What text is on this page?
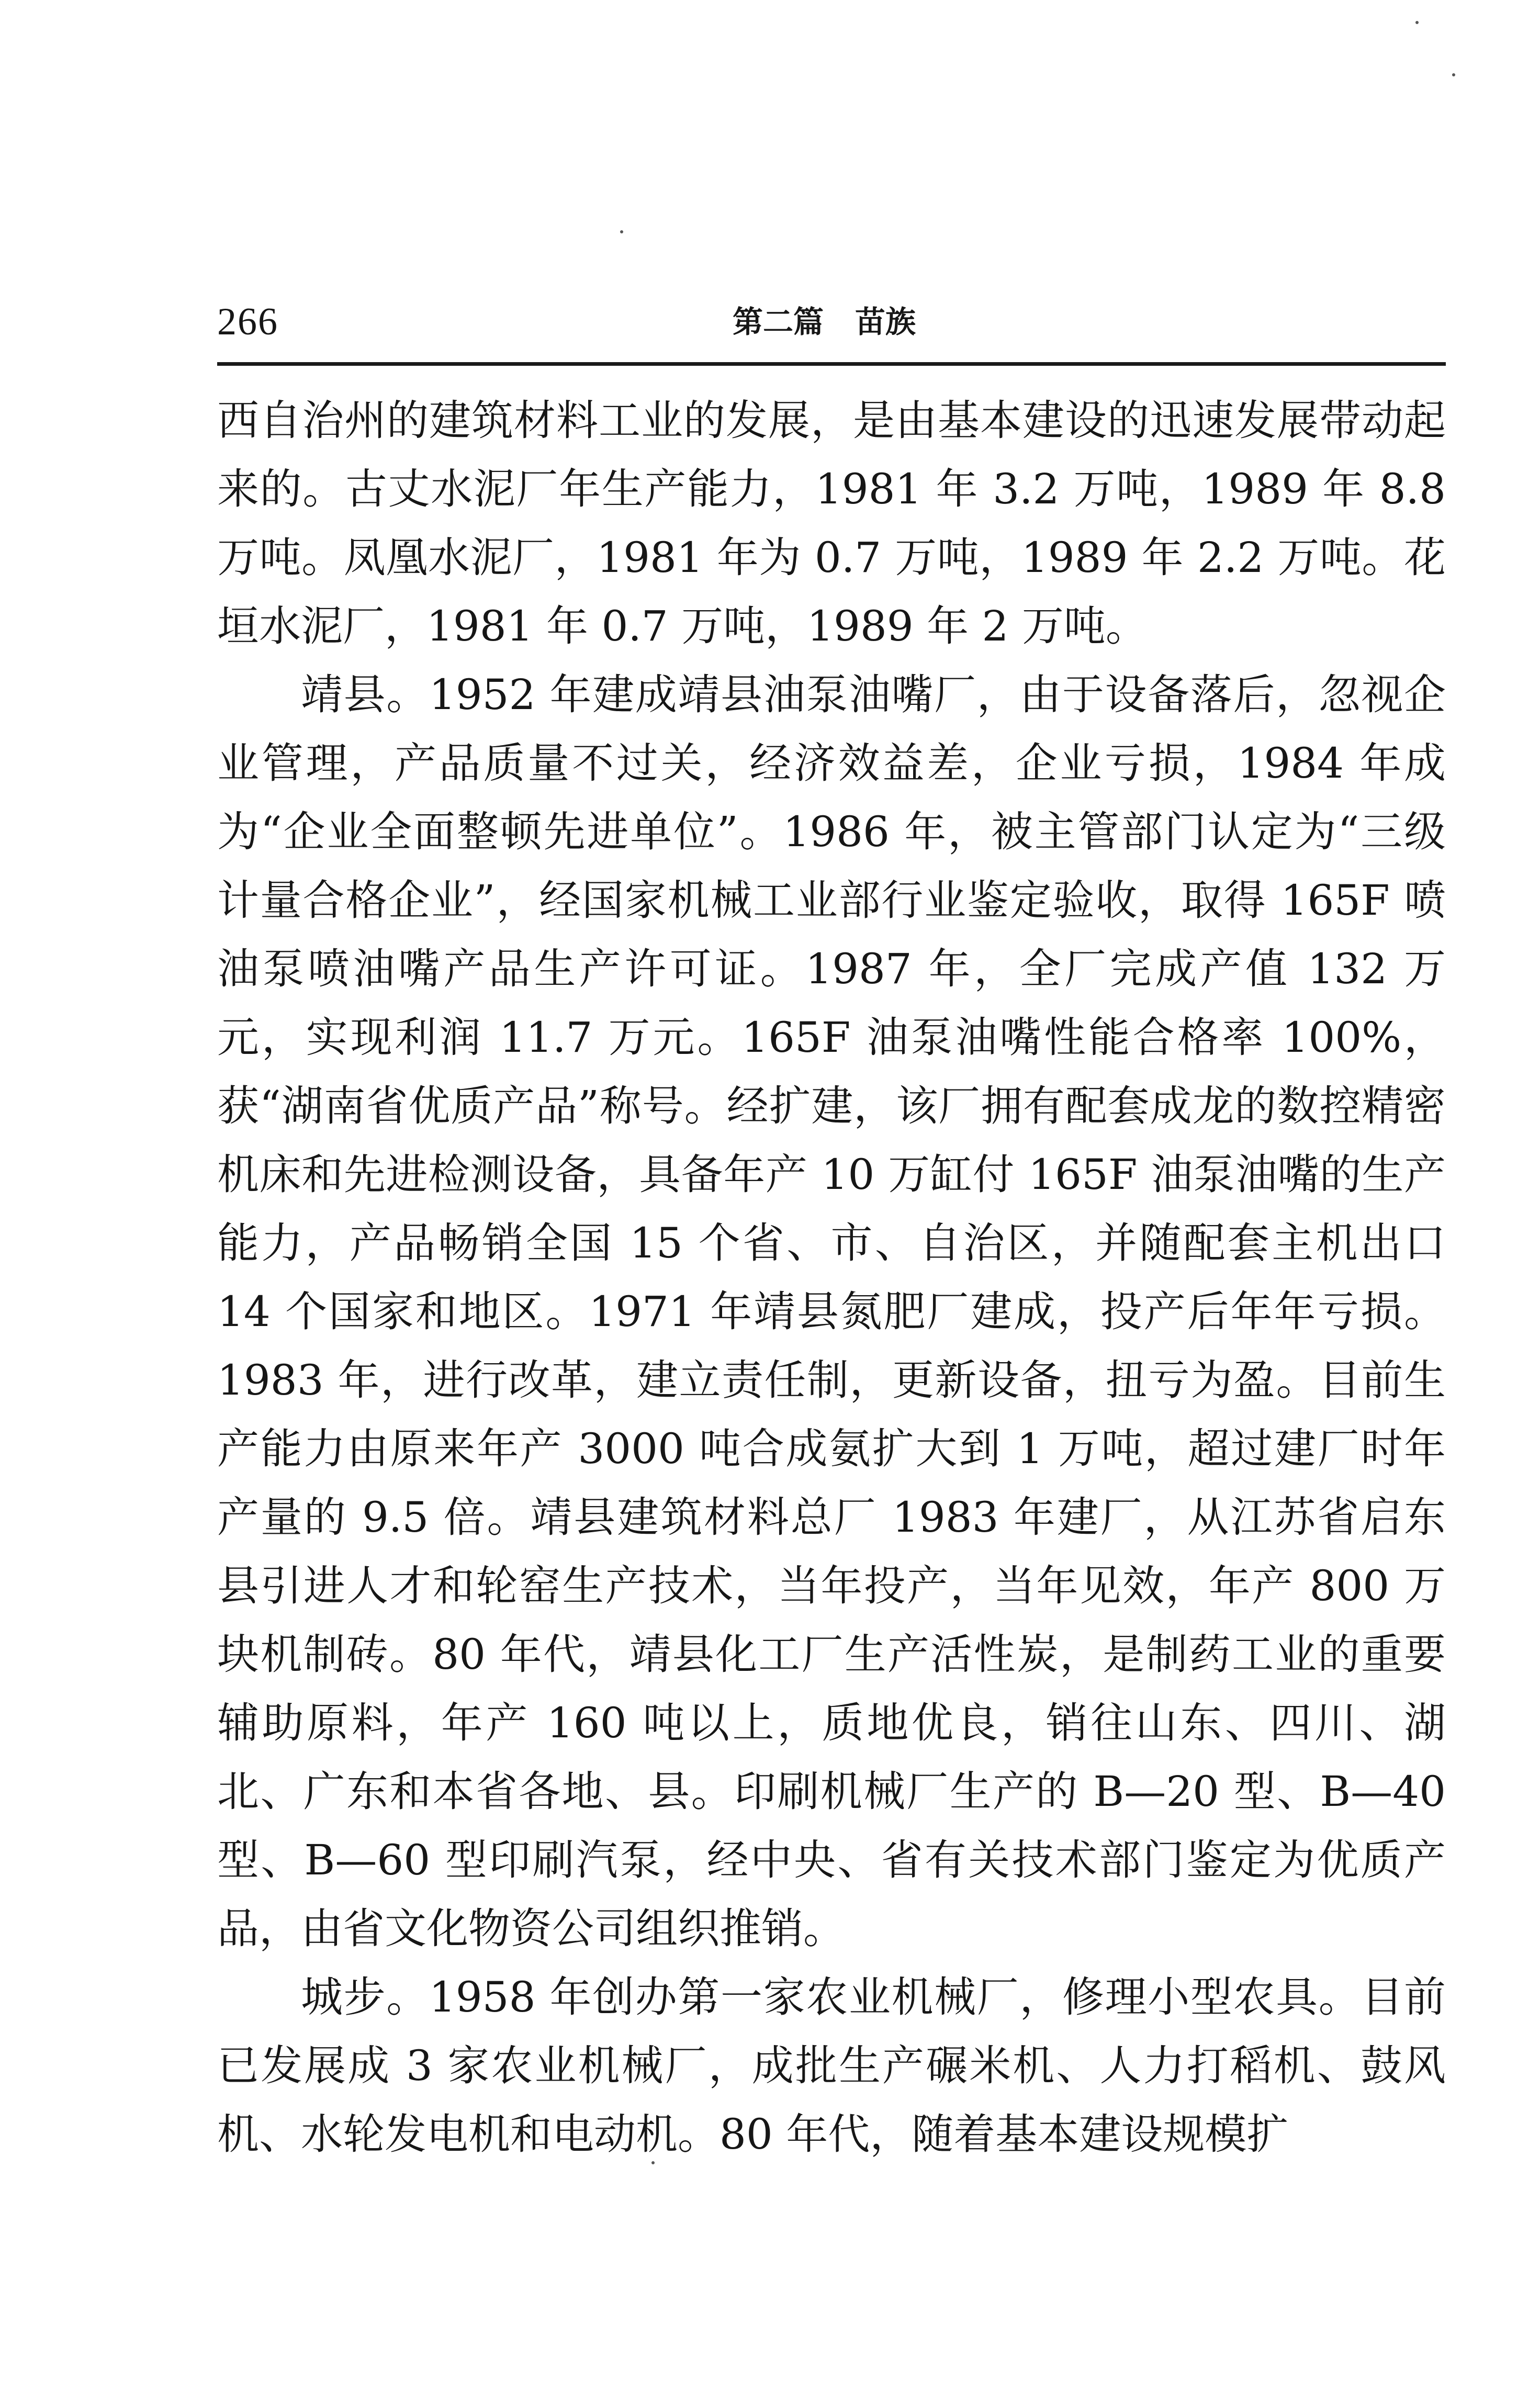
266	第二篇 苗族

西自治州的建筑材料工业的发展，是由基本建设的迅速发展带动起来的。古丈水泥厂年生产能力，1981 年 3.2 万吨，1989 年 8.8 万吨。凤凰水泥厂，1981 年为 0.7 万吨，1989 年 2.2 万吨。花垣水泥厂，1981 年 0.7 万吨，1989 年 2 万吨。

靖县。1952 年建成靖县油泵油嘴厂，由于设备落后，忽视企业管理，产品质量不过关，经济效益差，企业亏损，1984 年成为“企业全面整顿先进单位”。1986 年，被主管部门认定为“三级计量合格企业”，经国家机械工业部行业鉴定验收，取得 165F 喷油泵喷油嘴产品生产许可证。1987 年，全厂完成产值 132 万元，实现利润 11.7 万元。165F 油泵油嘴性能合格率 100%，获“湖南省优质产品”称号。经扩建，该厂拥有配套成龙的数控精密机床和先进检测设备，具备年产 10 万缸付 165F 油泵油嘴的生产能力，产品畅销全国 15 个省、市、自治区，并随配套主机出口 14 个国家和地区。1971 年靖县氮肥厂建成，投产后年年亏损。1983 年，进行改革，建立责任制，更新设备，扭亏为盈。目前生产能力由原来年产 3000 吨合成氨扩大到 1 万吨，超过建厂时年产量的 9.5 倍。靖县建筑材料总厂 1983 年建厂，从江苏省启东县引进人才和轮窑生产技术，当年投产，当年见效，年产 800 万块机制砖。80 年代，靖县化工厂生产活性炭，是制药工业的重要辅助原料，年产 160 吨以上，质地优良，销往山东、四川、湖北、广东和本省各地、县。印刷机械厂生产的 B—20 型、B—40 型、B—60 型印刷汽泵，经中央、省有关技术部门鉴定为优质产品，由省文化物资公司组织推销。

城步。1958 年创办第一家农业机械厂，修理小型农具。目前已发展成 3 家农业机械厂，成批生产碾米机、人力打稻机、鼓风机、水轮发电机和电动机。80 年代，随着基本建设规模扩
